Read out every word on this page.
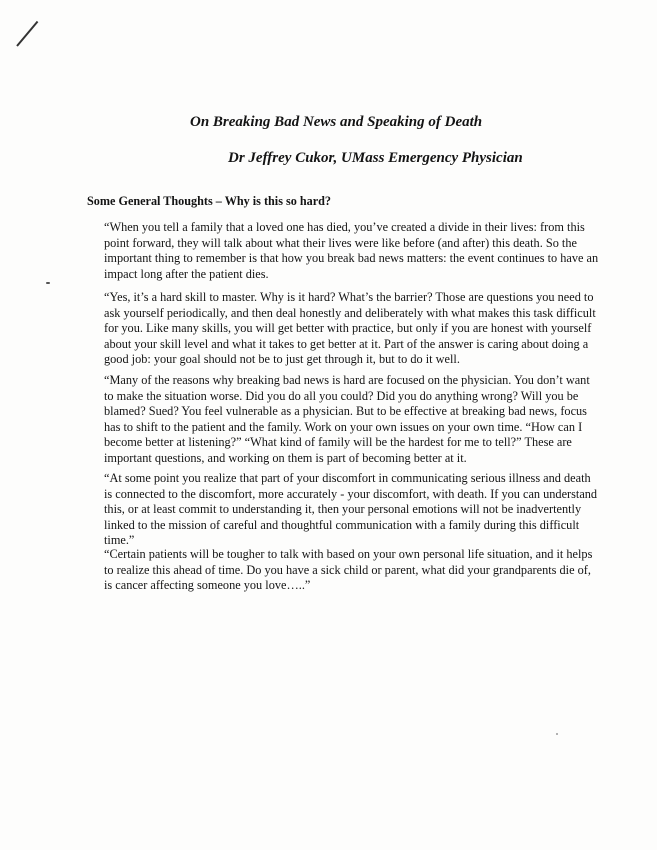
On Breaking Bad News and Speaking of Death
Dr Jeffrey Cukor, UMass Emergency Physician
Some General Thoughts – Why is this so hard?

“When you tell a family that a loved one has died, you’ve created a divide in their lives: from this point forward, they will talk about what their lives were like before (and after) this death. So the important thing to remember is that how you break bad news matters: the event continues to have an impact long after the patient dies.

“Yes, it’s a hard skill to master. Why is it hard? What’s the barrier? Those are questions you need to ask yourself periodically, and then deal honestly and deliberately with what makes this task difficult for you. Like many skills, you will get better with practice, but only if you are honest with yourself about your skill level and what it takes to get better at it. Part of the answer is caring about doing a good job: your goal should not be to just get through it, but to do it well.

“Many of the reasons why breaking bad news is hard are focused on the physician. You don’t want to make the situation worse. Did you do all you could? Did you do anything wrong? Will you be blamed? Sued? You feel vulnerable as a physician. But to be effective at breaking bad news, focus has to shift to the patient and the family. Work on your own issues on your own time. “How can I become better at listening?” “What kind of family will be the hardest for me to tell?” These are important questions, and working on them is part of becoming better at it.

“At some point you realize that part of your discomfort in communicating serious illness and death is connected to the discomfort, more accurately - your discomfort, with death. If you can understand this, or at least commit to understanding it, then your personal emotions will not be inadvertently linked to the mission of careful and thoughtful communication with a family during this difficult time.”

“Certain patients will be tougher to talk with based on your own personal life situation, and it helps to realize this ahead of time. Do you have a sick child or parent, what did your grandparents die of, is cancer affecting someone you love…..”
